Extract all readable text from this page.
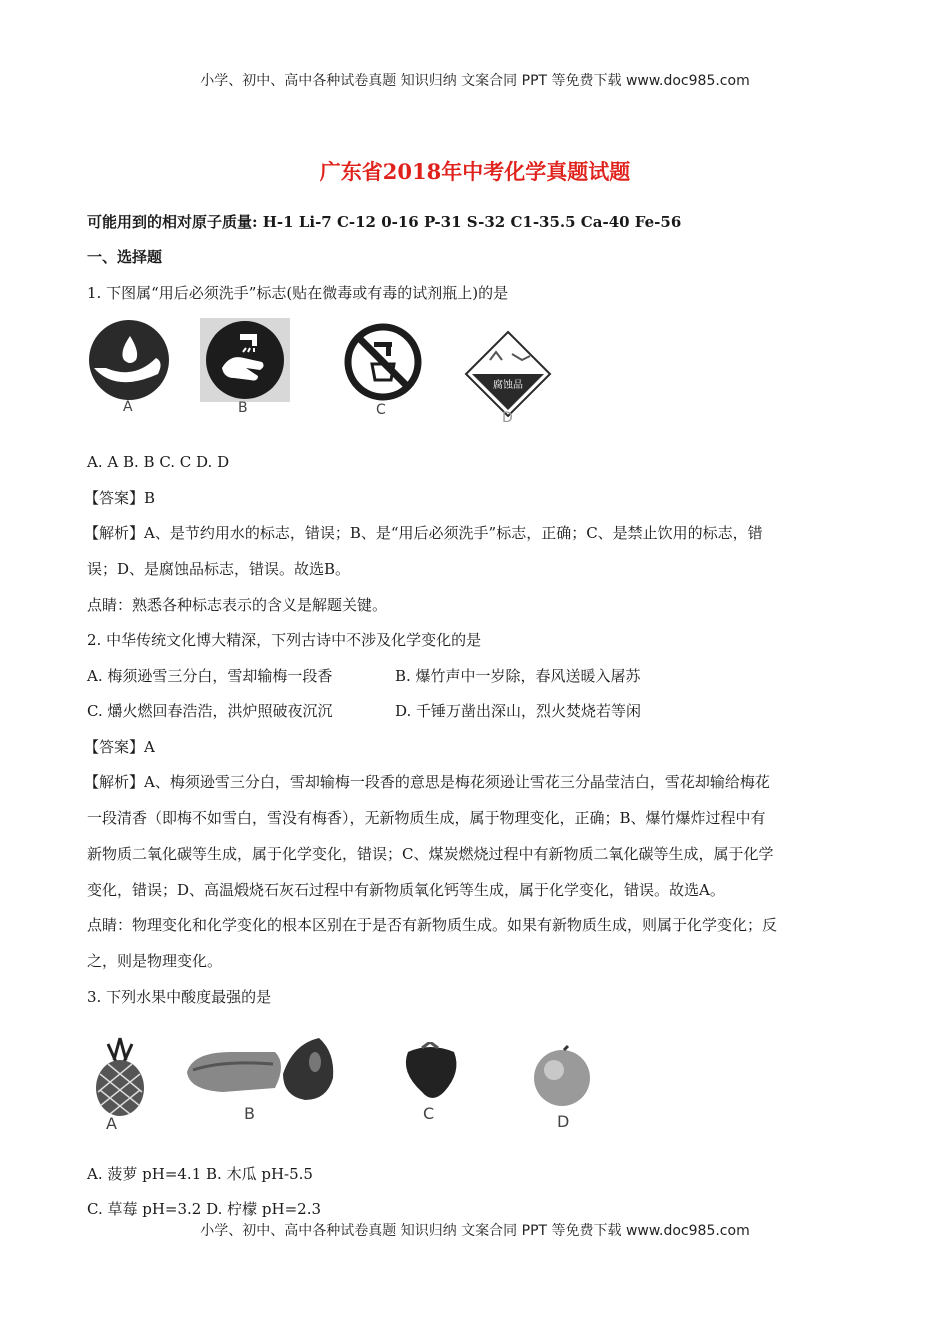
小学、初中、高中各种试卷真题 知识归纳 文案合同 PPT 等免费下载 www.doc985.com
广东省2018年中考化学真题试题
可能用到的相对原子质量: H-1 Li-7 C-12 0-16 P-31 S-32 C1-35.5 Ca-40 Fe-56
一、选择题
1. 下图属“用后必须洗手”标志(贴在微毒或有毒的试剂瓶上)的是
A	B	C
腐蚀品
D
A. A B. B C. C D. D
【答案】B
【解析】A、是节约用水的标志，错误；B、是“用后必须洗手”标志，正确；C、是禁止饮用的标志，错
误；D、是腐蚀品标志，错误。故选B。
点睛：熟悉各种标志表示的含义是解题关键。
2. 中华传统文化博大精深，下列古诗中不涉及化学变化的是
A. 梅须逊雪三分白，雪却输梅一段香	B. 爆竹声中一岁除，春风送暖入屠苏
C. 爝火燃回春浩浩，洪炉照破夜沉沉	D. 千锤万凿出深山，烈火焚烧若等闲
【答案】A
【解析】A、梅须逊雪三分白，雪却输梅一段香的意思是梅花须逊让雪花三分晶莹洁白，雪花却输给梅花
一段清香（即梅不如雪白，雪没有梅香），无新物质生成，属于物理变化，正确；B、爆竹爆炸过程中有
新物质二氧化碳等生成，属于化学变化，错误；C、煤炭燃烧过程中有新物质二氧化碳等生成，属于化学
变化，错误；D、高温煅烧石灰石过程中有新物质氧化钙等生成，属于化学变化，错误。故选A。
点睛：物理变化和化学变化的根本区别在于是否有新物质生成。如果有新物质生成，则属于化学变化；反
之，则是物理变化。
3. 下列水果中酸度最强的是
A
B	C	D
A. 菠萝 pH=4.1 B. 木瓜 pH-5.5
C. 草莓 pH=3.2 D. 柠檬 pH=2.3
小学、初中、高中各种试卷真题 知识归纳 文案合同 PPT 等免费下载 www.doc985.com
